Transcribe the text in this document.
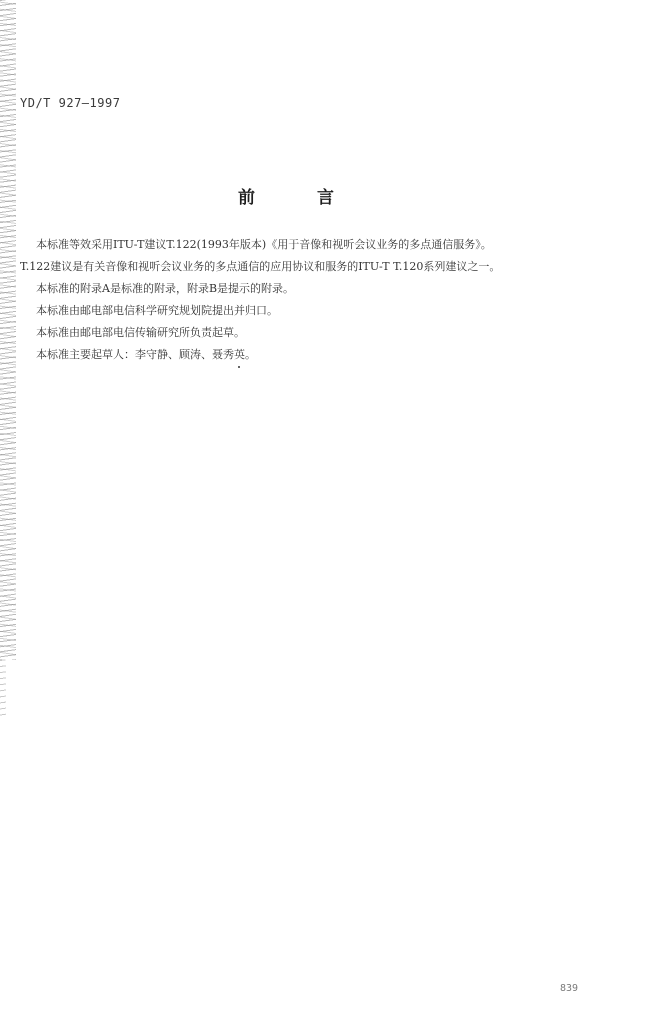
YD/T 927—1997
前言

本标准等效采用ITU-T建议T.122(1993年版本)《用于音像和视听会议业务的多点通信服务》。

T.122建议是有关音像和视听会议业务的多点通信的应用协议和服务的ITU-T T.120系列建议之一。

本标准的附录A是标准的附录，附录B是提示的附录。

本标准由邮电部电信科学研究规划院提出并归口。

本标准由邮电部电信传输研究所负责起草。

本标准主要起草人：李守静、顾涛、聂秀英。

839
